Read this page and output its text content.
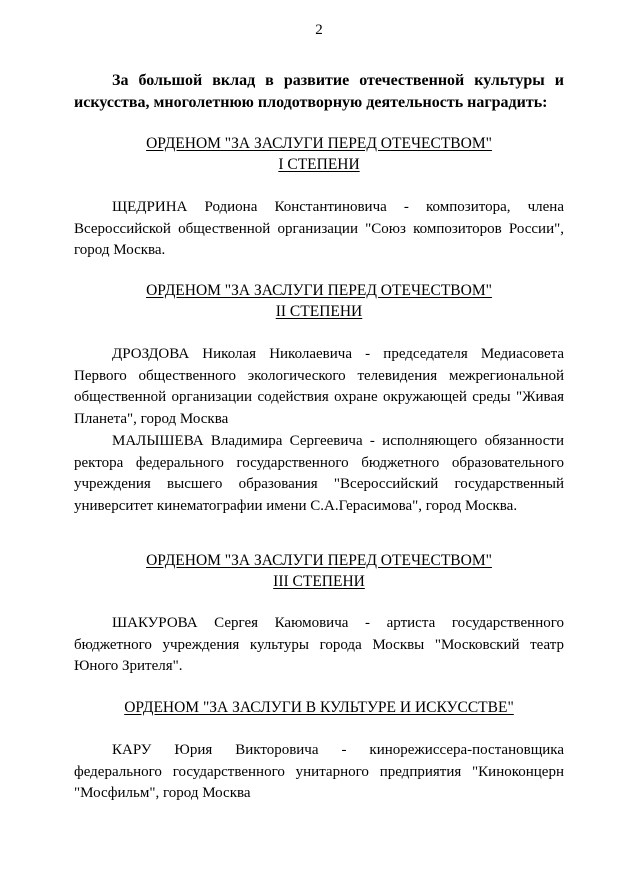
2
За большой вклад в развитие отечественной культуры и искусства, многолетнюю плодотворную деятельность наградить:
ОРДЕНОМ "ЗА ЗАСЛУГИ ПЕРЕД ОТЕЧЕСТВОМ"
I СТЕПЕНИ

ЩЕДРИНА Родиона Константиновича - композитора, члена Всероссийской общественной организации "Союз композиторов России", город Москва.

ОРДЕНОМ "ЗА ЗАСЛУГИ ПЕРЕД ОТЕЧЕСТВОМ"
II СТЕПЕНИ

ДРОЗДОВА Николая Николаевича - председателя Медиасовета Первого общественного экологического телевидения межрегиональной общественной организации содействия охране окружающей среды "Живая Планета", город Москва

МАЛЫШЕВА Владимира Сергеевича - исполняющего обязанности ректора федерального государственного бюджетного образовательного учреждения высшего образования "Всероссийский государственный университет кинематографии имени С.А.Герасимова", город Москва.

ОРДЕНОМ "ЗА ЗАСЛУГИ ПЕРЕД ОТЕЧЕСТВОМ"
III СТЕПЕНИ

ШАКУРОВА Сергея Каюмовича - артиста государственного бюджетного учреждения культуры города Москвы "Московский театр Юного Зрителя".

ОРДЕНОМ "ЗА ЗАСЛУГИ В КУЛЬТУРЕ И ИСКУССТВЕ"

КАРУ Юрия Викторовича - кинорежиссера-постановщика федерального государственного унитарного предприятия "Киноконцерн "Мосфильм", город Москва
